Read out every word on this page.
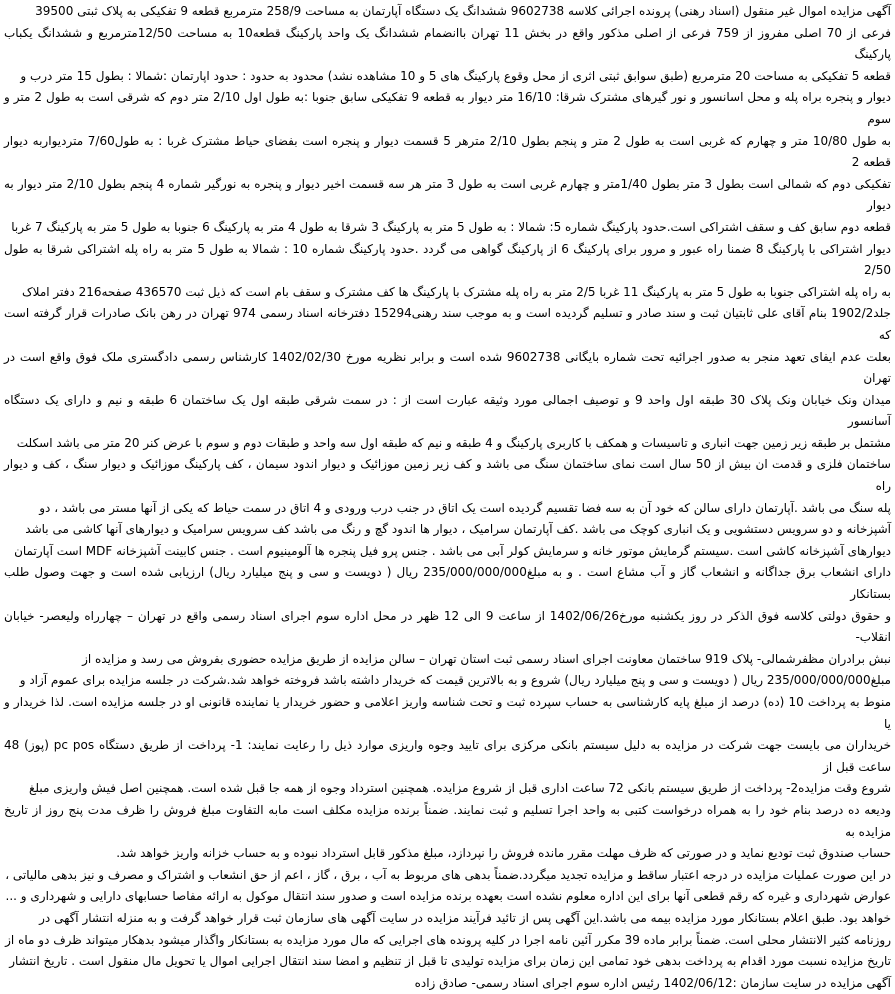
آگهی مزایده اموال غیر منقول (اسناد رهنی) پرونده اجرائی کلاسه 9602738 ششدانگ یک دستگاه آپارتمان به مساحت 258/9 مترمربع قطعه 9 تفکیکی به پلاک ثبتی 39500

فرعی از 70 اصلی مفروز از 759 فرعی از اصلی مذکور واقع در بخش 11 تهران باانضمام ششدانگ یک واحد پارکینگ قطعه10 به مساحت 12/50مترمربع و ششدانگ یکباب پارکینگ

قطعه 5 تفکیکی به مساحت 20 مترمربع (طبق سوابق ثبتی اثری از محل وقوع پارکینگ های 5 و 10 مشاهده نشد) محدود به حدود : حدود اپارتمان :شمالا : بطول 15 متر درب و

دیوار و پنجره براه پله و محل اسانسور و نور گیرهای مشترک شرقا: 16/10 متر دیوار به قطعه 9 تفکیکی سابق جنوبا :به طول اول 2/10 متر دوم که شرقی است به طول 2 متر و سوم

به طول 10/80 متر و چهارم که غربی است به طول 2 متر و پنجم بطول 2/10 مترهر 5 قسمت دیوار و پنجره است بفضای حیاط مشترک غربا : به طول7/60 متردیواربه دیوار قطعه 2

تفکیکی دوم که شمالی است بطول 3 متر بطول 1/40متر و چهارم غربی است به طول 3 متر هر سه قسمت اخیر دیوار و پنجره به نورگیر شماره 4 پنجم بطول 2/10 متر دیوار به دیوار

قطعه دوم سابق کف و سقف اشتراکی است.حدود پارکینگ شماره 5: شمالا : به طول 5 متر به پارکینگ 3 شرقا به طول 4 متر به پارکینگ 6 جنوبا به طول 5 متر به پارکینگ 7 غربا

دیوار اشتراکی با پارکینگ 8 ضمنا راه عبور و مرور برای پارکینگ 6 از پارکینگ گواهی می گردد .حدود پارکینگ شماره 10 : شمالا به طول 5 متر به راه پله اشتراکی شرقا به طول 2/50

به راه پله اشتراکی جنوبا به طول 5 متر به پارکینگ 11 غربا 2/5 متر به راه پله مشترک با پارکینگ ها کف مشترک و سقف بام است که ذیل ثبت 436570 صفحه216 دفتر املاک

جلد1902/2 بنام آقای علی ثابتیان ثبت و سند صادر و تسلیم گردیده است و به موجب سند رهنی15294 دفترخانه اسناد رسمی 974 تهران در رهن بانک صادرات قرار گرفته است که

بعلت عدم ایفای تعهد منجر به صدور اجرائیه تحت شماره بایگانی 9602738 شده است و برابر نظریه مورخ 1402/02/30 کارشناس رسمی دادگستری ملک فوق واقع است در تهران

میدان ونک خیابان ونک پلاک 30 طبقه اول واحد 9 و توصیف اجمالی مورد وثیقه عبارت است از : در سمت شرقی طبقه اول یک ساختمان 6 طبقه و نیم و دارای یک دستگاه آسانسور

مشتمل بر طبقه زیر زمین جهت انباری و تاسیسات و همکف با کاربری پارکینگ و 4 طبقه و نیم که طبقه اول سه واحد و طبقات دوم و سوم با عرض کنر 20 متر می باشد اسکلت

ساختمان فلزی و قدمت ان بیش از 50 سال است نمای ساختمان سنگ می باشد و کف زیر زمین موزائیک و دیوار اندود سیمان ، کف پارکینگ موزائیک و دیوار سنگ ، کف و دیوار راه

پله سنگ می باشد .آپارتمان دارای سالن که خود آن به سه فضا تقسیم گردیده است یک اتاق در جنب درب ورودی و 4 اتاق در سمت حیاط که یکی از آنها مستر می باشد ، دو

آشپزخانه و دو سرویس دستشویی و یک انباری کوچک می باشد .کف آپارتمان سرامیک ، دیوار ها اندود گچ و رنگ می باشد کف سرویس سرامیک و دیوارهای آنها کاشی می باشد

دیوارهای آشپزخانه کاشی است .سیستم گرمایش موتور خانه و سرمایش کولر آبی می باشد . جنس پرو فیل پنجره ها آلومینیوم است . جنس کابینت آشپزخانه MDF است آپارتمان

دارای انشعاب برق جداگانه و انشعاب گاز و آب مشاع است . و به مبلغ235/000/000/000 ریال ( دویست و سی و پنج میلیارد ریال) ارزیابی شده است و جهت وصول طلب بستانکار

و حقوق دولتی کلاسه فوق الذکر در روز یکشنبه مورخ1402/06/26 از ساعت 9 الی 12 ظهر در محل اداره سوم اجرای اسناد رسمی واقع در تهران – چهارراه ولیعصر- خیابان انقلاب-

نبش برادران مظفرشمالی- پلاک 919 ساختمان معاونت اجرای اسناد رسمی ثبت استان تهران – سالن مزایده از طریق مزایده حضوری بفروش می رسد و مزایده از

مبلغ235/000/000/000 ریال ( دویست و سی و پنج میلیارد ریال) شروع و به بالاترین قیمت که خریدار داشته باشد فروخته خواهد شد.شرکت در جلسه مزایده برای عموم آزاد و

منوط به پرداخت 10 (ده) درصد از مبلغ پایه کارشناسی به حساب سپرده ثبت و تحت شناسه واریز اعلامی و حضور خریدار یا نماینده قانونی او در جلسه مزایده است. لذا خریدار و یا

خریداران می بایست جهت شرکت در مزایده به دلیل سیستم بانکی مرکزی برای تایید وجوه واریزی موارد ذیل را رعایت نمایند: 1- پرداخت از طریق دستگاه pc pos (پوز) 48 ساعت قبل از

شروع وقت مزایده2- پرداخت از طریق سیستم بانکی 72 ساعت اداری قبل از شروع مزایده. همچنین استرداد وجوه از همه جا قبل شده است. همچنین اصل فیش واریزی مبلغ

ودیعه ده درصد بنام خود را به همراه درخواست کتبی به واحد اجرا تسلیم و ثبت نمایند. ضمناً برنده مزایده مکلف است مابه التفاوت مبلغ فروش را ظرف مدت پنج روز از تاریخ مزایده به

حساب صندوق ثبت تودیع نماید و در صورتی که ظرف مهلت مقرر مانده فروش را نپردازد، مبلغ مذکور قابل استرداد نبوده و به حساب خزانه واریز خواهد شد.

در این صورت عملیات مزایده در درجه اعتبار ساقط و مزایده تجدید میگردد.ضمناً بدهی های مربوط به آب ، برق ، گاز ، اعم از حق انشعاب و اشتراک و مصرف و نیز بدهی مالیاتی ،

عوارض شهرداری و غیره که رقم قطعی آنها برای این اداره معلوم نشده است بعهده برنده مزایده است و صدور سند انتقال موکول به ارائه مفاصا حسابهای دارایی و شهرداری و ...

خواهد بود. طبق اعلام بستانکار مورد مزایده بیمه می باشد.این آگهی پس از تائید فرآیند مزایده در سایت آگهی های سازمان ثبت قرار خواهد گرفت و به منزله انتشار آگهی در

روزنامه کثیر الانتشار محلی است. ضمناً برابر ماده 39 مکرر آئین نامه اجرا در کلیه پرونده های اجرایی که مال مورد مزایده به بستانکار واگذار میشود بدهکار میتواند ظرف دو ماه از

تاریخ مزایده نسبت مورد اقدام به پرداخت بدهی خود تمامی این زمان برای مزایده تولیدی تا قبل از تنظیم و امضا سند انتقال اجرایی اموال یا تحویل مال منقول است . تاریخ انتشار

آگهی مزایده در سایت سازمان :1402/06/12 رئیس اداره سوم اجرای اسناد رسمی- صادق زاده
